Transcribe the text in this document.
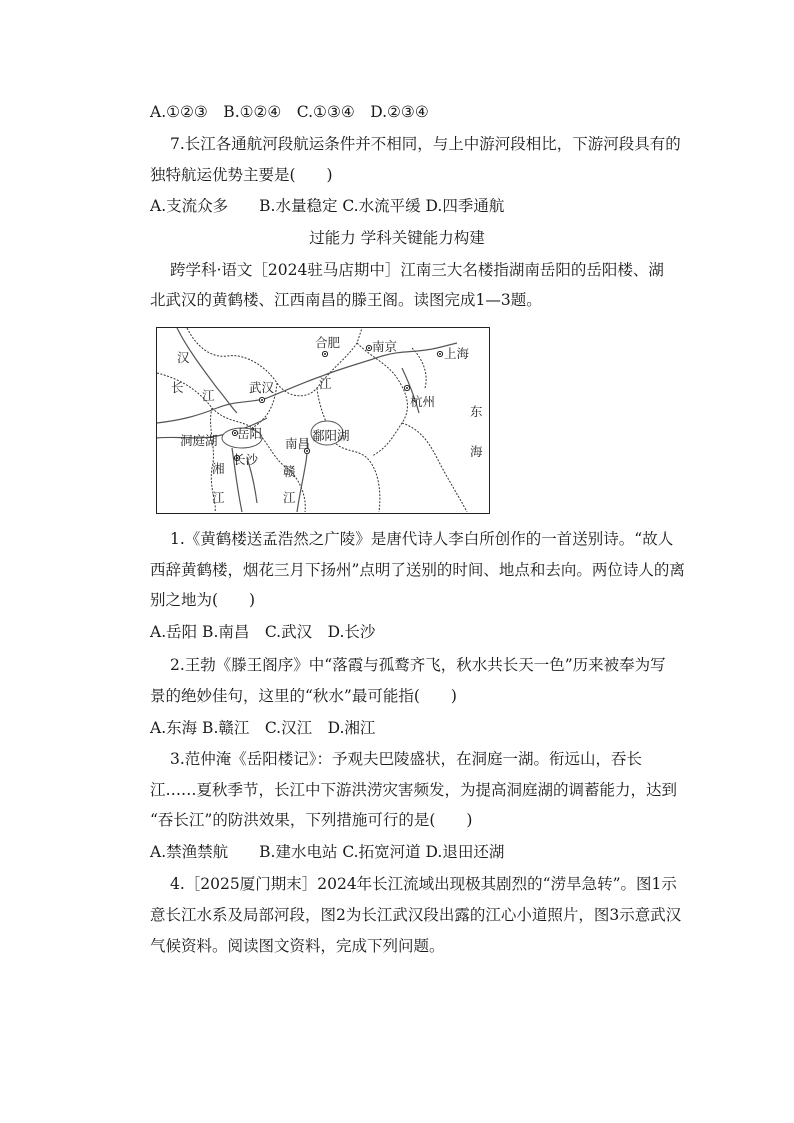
A.①②③　B.①②④　C.①③④　D.②③④
7.长江各通航河段航运条件并不相同，与上中游河段相比，下游河段具有的
独特航运优势主要是(　　)
A.支流众多　　B.水量稳定 C.水流平缓 D.四季通航
过能力 学科关键能力构建
跨学科·语文［2024驻马店期中］江南三大名楼指湖南岳阳的岳阳楼、湖
北武汉的黄鹤楼、江西南昌的滕王阁。读图完成1—3题。
合肥	南京	上海
汉
长
江
武汉	江
杭州
东
海
洞庭湖 岳阳
南昌
鄱阳湖
湘
长沙
赣
江
江
1.《黄鹤楼送孟浩然之广陵》是唐代诗人李白所创作的一首送别诗。“故人
西辞黄鹤楼，烟花三月下扬州”点明了送别的时间、地点和去向。两位诗人的离
别之地为(　　)
A.岳阳 B.南昌　C.武汉　D.长沙
2.王勃《滕王阁序》中“落霞与孤鹜齐飞，秋水共长天一色”历来被奉为写
景的绝妙佳句，这里的“秋水”最可能指(　　)
A.东海 B.赣江　C.汉江　D.湘江
3.范仲淹《岳阳楼记》：予观夫巴陵盛状，在洞庭一湖。衔远山，吞长
江……夏秋季节，长江中下游洪涝灾害频发，为提高洞庭湖的调蓄能力，达到
“吞长江”的防洪效果，下列措施可行的是(　　)
A.禁渔禁航　　B.建水电站 C.拓宽河道 D.退田还湖
4.［2025厦门期末］2024年长江流域出现极其剧烈的“涝旱急转”。图1示
意长江水系及局部河段，图2为长江武汉段出露的江心小道照片，图3示意武汉
气候资料。阅读图文资料，完成下列问题。
